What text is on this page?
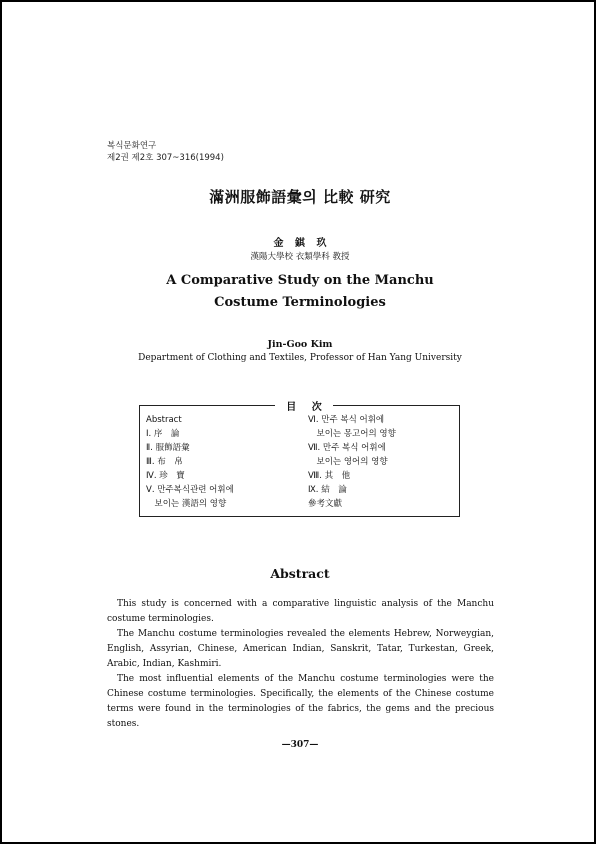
복식문화연구
제2권 제2호 307~316(1994)
滿洲服飾語彙의 比較 研究
金 錤 玖
漢陽大學校 衣類學科 教授
A Comparative Study on the Manchu
Costume Terminologies
Jin-Goo Kim
Department of Clothing and Textiles, Professor of Han Yang University
目 次
Abstract
Ⅰ. 序　論
Ⅱ. 服飾語彙
Ⅲ. 布　帛
Ⅳ. 珍　寶
Ⅴ. 만주복식관련 어휘에
　보이는 漢語의 영향
Ⅵ. 만주 복식 어휘에
　보이는 몽고어의 영향
Ⅶ. 만주 복식 어휘에
　보이는 영어의 영향
Ⅷ. 其　他
Ⅸ. 結　論
參考文獻
Abstract

This study is concerned with a comparative linguistic analysis of the Manchu costume terminologies.

The Manchu costume terminologies revealed the elements Hebrew, Norweygian, English, Assyrian, Chinese, American Indian, Sanskrit, Tatar, Turkestan, Greek, Arabic, Indian, Kashmiri.

The most influential elements of the Manchu costume terminologies were the Chinese costume terminologies. Specifically, the elements of the Chinese costume terms were found in the terminologies of the fabrics, the gems and the precious stones.

—307—
